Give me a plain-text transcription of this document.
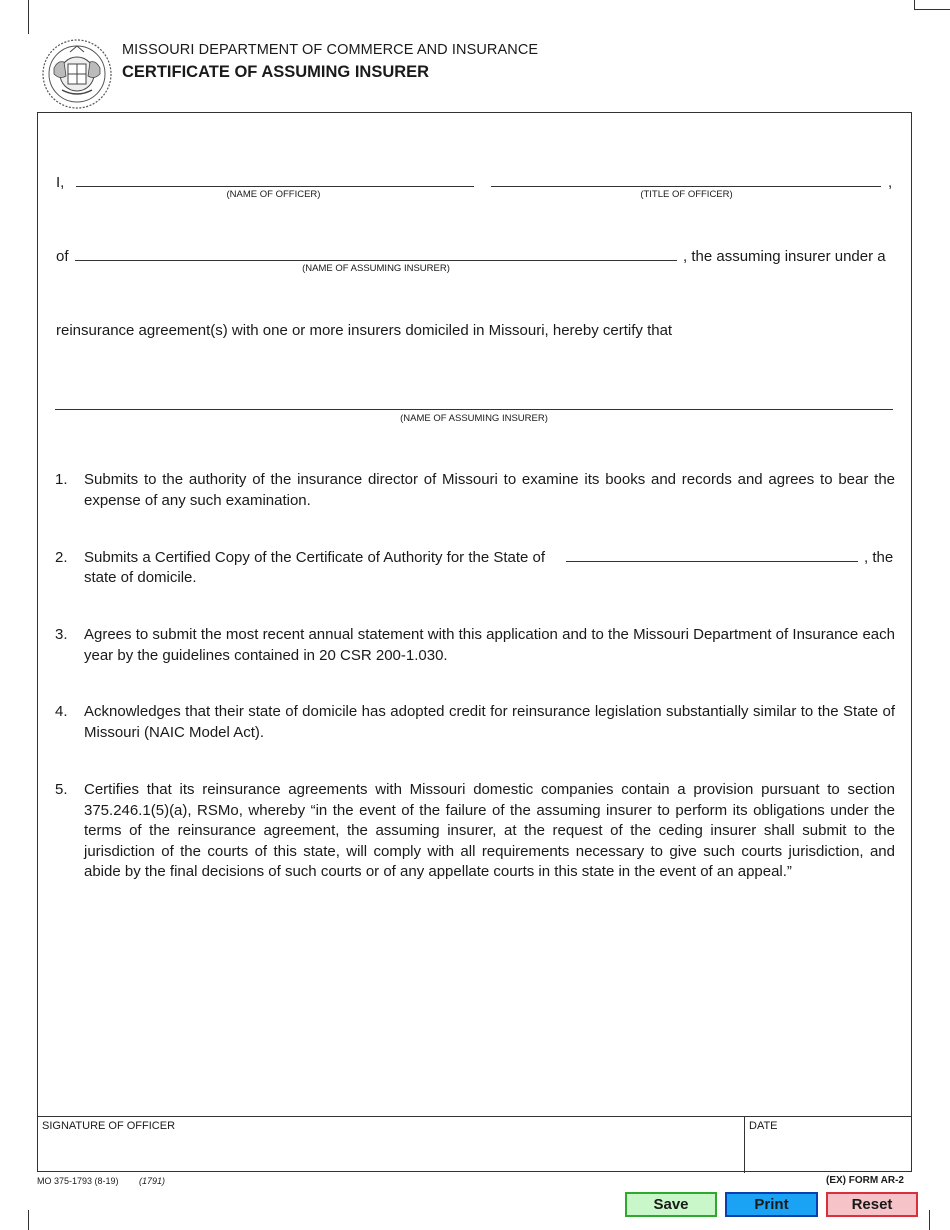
MISSOURI DEPARTMENT OF COMMERCE AND INSURANCE
CERTIFICATE OF ASSUMING INSURER
I,
(NAME OF OFFICER)	(TITLE OF OFFICER)
,
of
(NAME OF ASSUMING INSURER)
, the assuming insurer under a
reinsurance agreement(s) with one or more insurers domiciled in Missouri, hereby certify that
(NAME OF ASSUMING INSURER)
1. Submits to the authority of the insurance director of Missouri to examine its books and records and agrees to bear the expense of any such examination.
2. Submits a Certified Copy of the Certificate of Authority for the State of	, the
state of domicile.
3. Agrees to submit the most recent annual statement with this application and to the Missouri Department of Insurance each year by the guidelines contained in 20 CSR 200-1.030.
4. Acknowledges that their state of domicile has adopted credit for reinsurance legislation substantially similar to the State of Missouri (NAIC Model Act).
5. Certifies that its reinsurance agreements with Missouri domestic companies contain a provision pursuant to section 375.246.1(5)(a), RSMo, whereby “in the event of the failure of the assuming insurer to perform its obligations under the terms of the reinsurance agreement, the assuming insurer, at the request of the ceding insurer shall submit to the jurisdiction of the courts of this state, will comply with all requirements necessary to give such courts jurisdiction, and abide by the final decisions of such courts or of any appellate courts in this state in the event of an appeal.”
SIGNATURE OF OFFICER	DATE
MO 375-1793 (8-19) (1791)	(EX) FORM AR-2
Save	Print	Reset
